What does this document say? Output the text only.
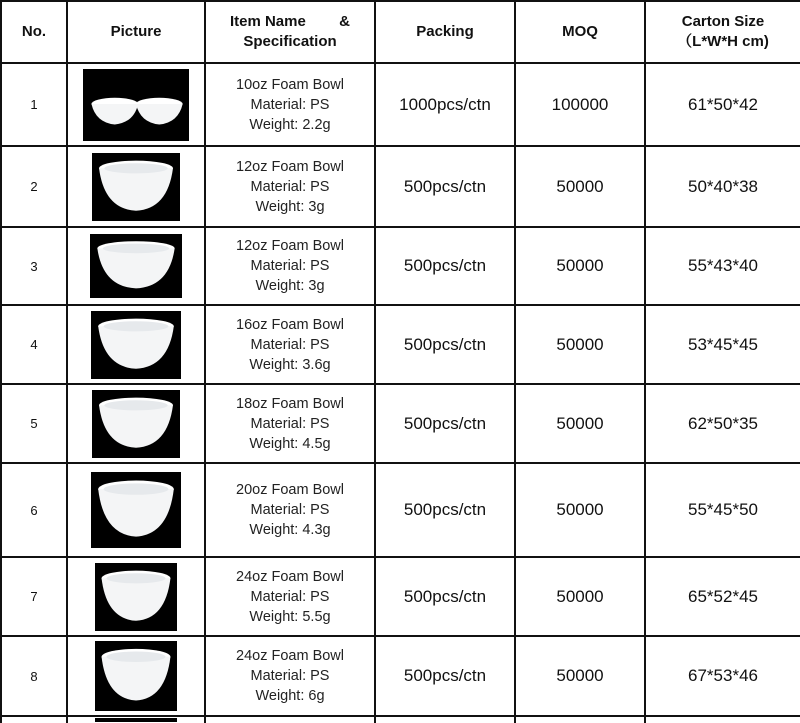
No.	Picture	Item Name        &
Specification	Packing	MOQ	Carton Size
（L*W*H cm)

1		10oz Foam Bowl
Material: PS
Weight: 2.2g	1000pcs/ctn	100000	61*50*42
2		12oz Foam Bowl
Material: PS
Weight: 3g	500pcs/ctn	50000	50*40*38
3		12oz Foam Bowl
Material: PS
Weight: 3g	500pcs/ctn	50000	55*43*40
4		16oz Foam Bowl
Material: PS
Weight: 3.6g	500pcs/ctn	50000	53*45*45
5		18oz Foam Bowl
Material: PS
Weight: 4.5g	500pcs/ctn	50000	62*50*35
6		20oz Foam Bowl
Material: PS
Weight: 4.3g	500pcs/ctn	50000	55*45*50
7		24oz Foam Bowl
Material: PS
Weight: 5.5g	500pcs/ctn	50000	65*52*45
8		24oz Foam Bowl
Material: PS
Weight: 6g	500pcs/ctn	50000	67*53*46
